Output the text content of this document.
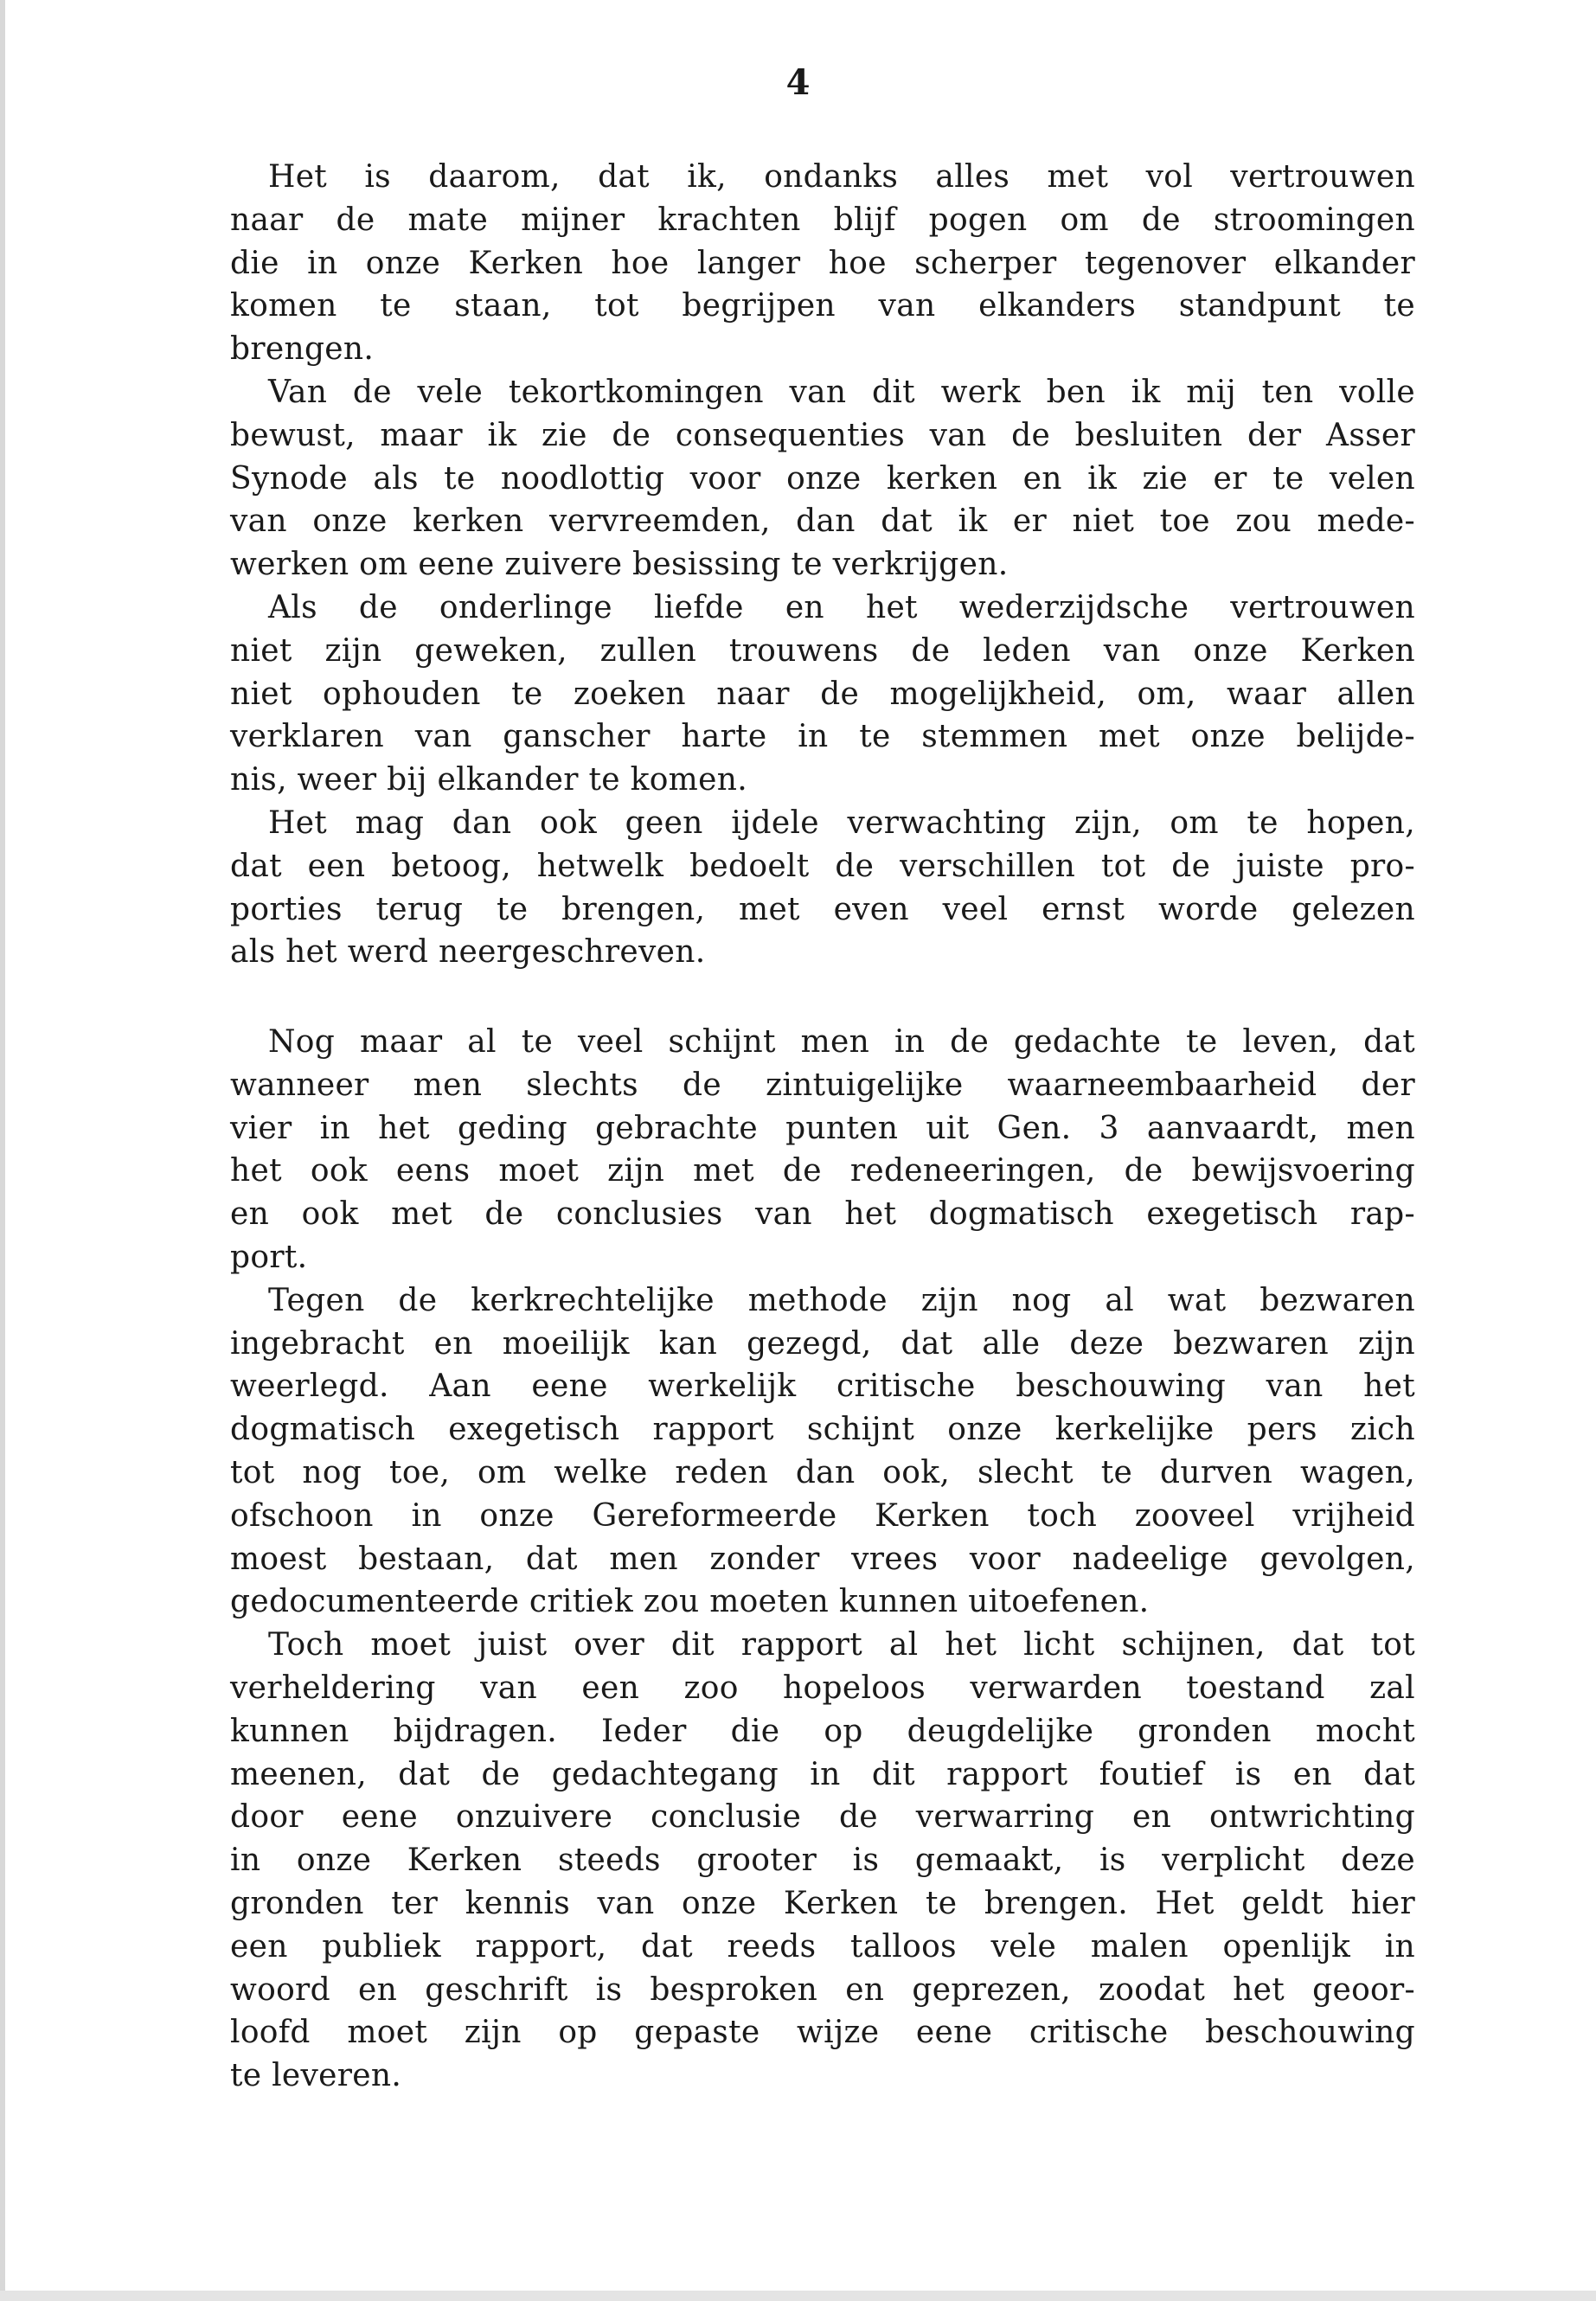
4
Het is daarom, dat ik, ondanks alles met vol vertrouwen
naar de mate mijner krachten blijf pogen om de stroomingen
die in onze Kerken hoe langer hoe scherper tegenover elkander
komen te staan, tot begrijpen van elkanders standpunt te
brengen.
Van de vele tekortkomingen van dit werk ben ik mij ten volle
bewust, maar ik zie de consequenties van de besluiten der Asser
Synode als te noodlottig voor onze kerken en ik zie er te velen
van onze kerken vervreemden, dan dat ik er niet toe zou mede-
werken om eene zuivere besissing te verkrijgen.
Als de onderlinge liefde en het wederzijdsche vertrouwen
niet zijn geweken, zullen trouwens de leden van onze Kerken
niet ophouden te zoeken naar de mogelijkheid, om, waar allen
verklaren van ganscher harte in te stemmen met onze belijde-
nis, weer bij elkander te komen.
Het mag dan ook geen ijdele verwachting zijn, om te hopen,
dat een betoog, hetwelk bedoelt de verschillen tot de juiste pro-
porties terug te brengen, met even veel ernst worde gelezen
als het werd neergeschreven.
Nog maar al te veel schijnt men in de gedachte te leven, dat
wanneer men slechts de zintuigelijke waarneembaarheid der
vier in het geding gebrachte punten uit Gen. 3 aanvaardt, men
het ook eens moet zijn met de redeneeringen, de bewijsvoering
en ook met de conclusies van het dogmatisch exegetisch rap-
port.
Tegen de kerkrechtelijke methode zijn nog al wat bezwaren
ingebracht en moeilijk kan gezegd, dat alle deze bezwaren zijn
weerlegd. Aan eene werkelijk critische beschouwing van het
dogmatisch exegetisch rapport schijnt onze kerkelijke pers zich
tot nog toe, om welke reden dan ook, slecht te durven wagen,
ofschoon in onze Gereformeerde Kerken toch zooveel vrijheid
moest bestaan, dat men zonder vrees voor nadeelige gevolgen,
gedocumenteerde critiek zou moeten kunnen uitoefenen.
Toch moet juist over dit rapport al het licht schijnen, dat tot
verheldering van een zoo hopeloos verwarden toestand zal
kunnen bijdragen. Ieder die op deugdelijke gronden mocht
meenen, dat de gedachtegang in dit rapport foutief is en dat
door eene onzuivere conclusie de verwarring en ontwrichting
in onze Kerken steeds grooter is gemaakt, is verplicht deze
gronden ter kennis van onze Kerken te brengen. Het geldt hier
een publiek rapport, dat reeds talloos vele malen openlijk in
woord en geschrift is besproken en geprezen, zoodat het geoor-
loofd moet zijn op gepaste wijze eene critische beschouwing
te leveren.
